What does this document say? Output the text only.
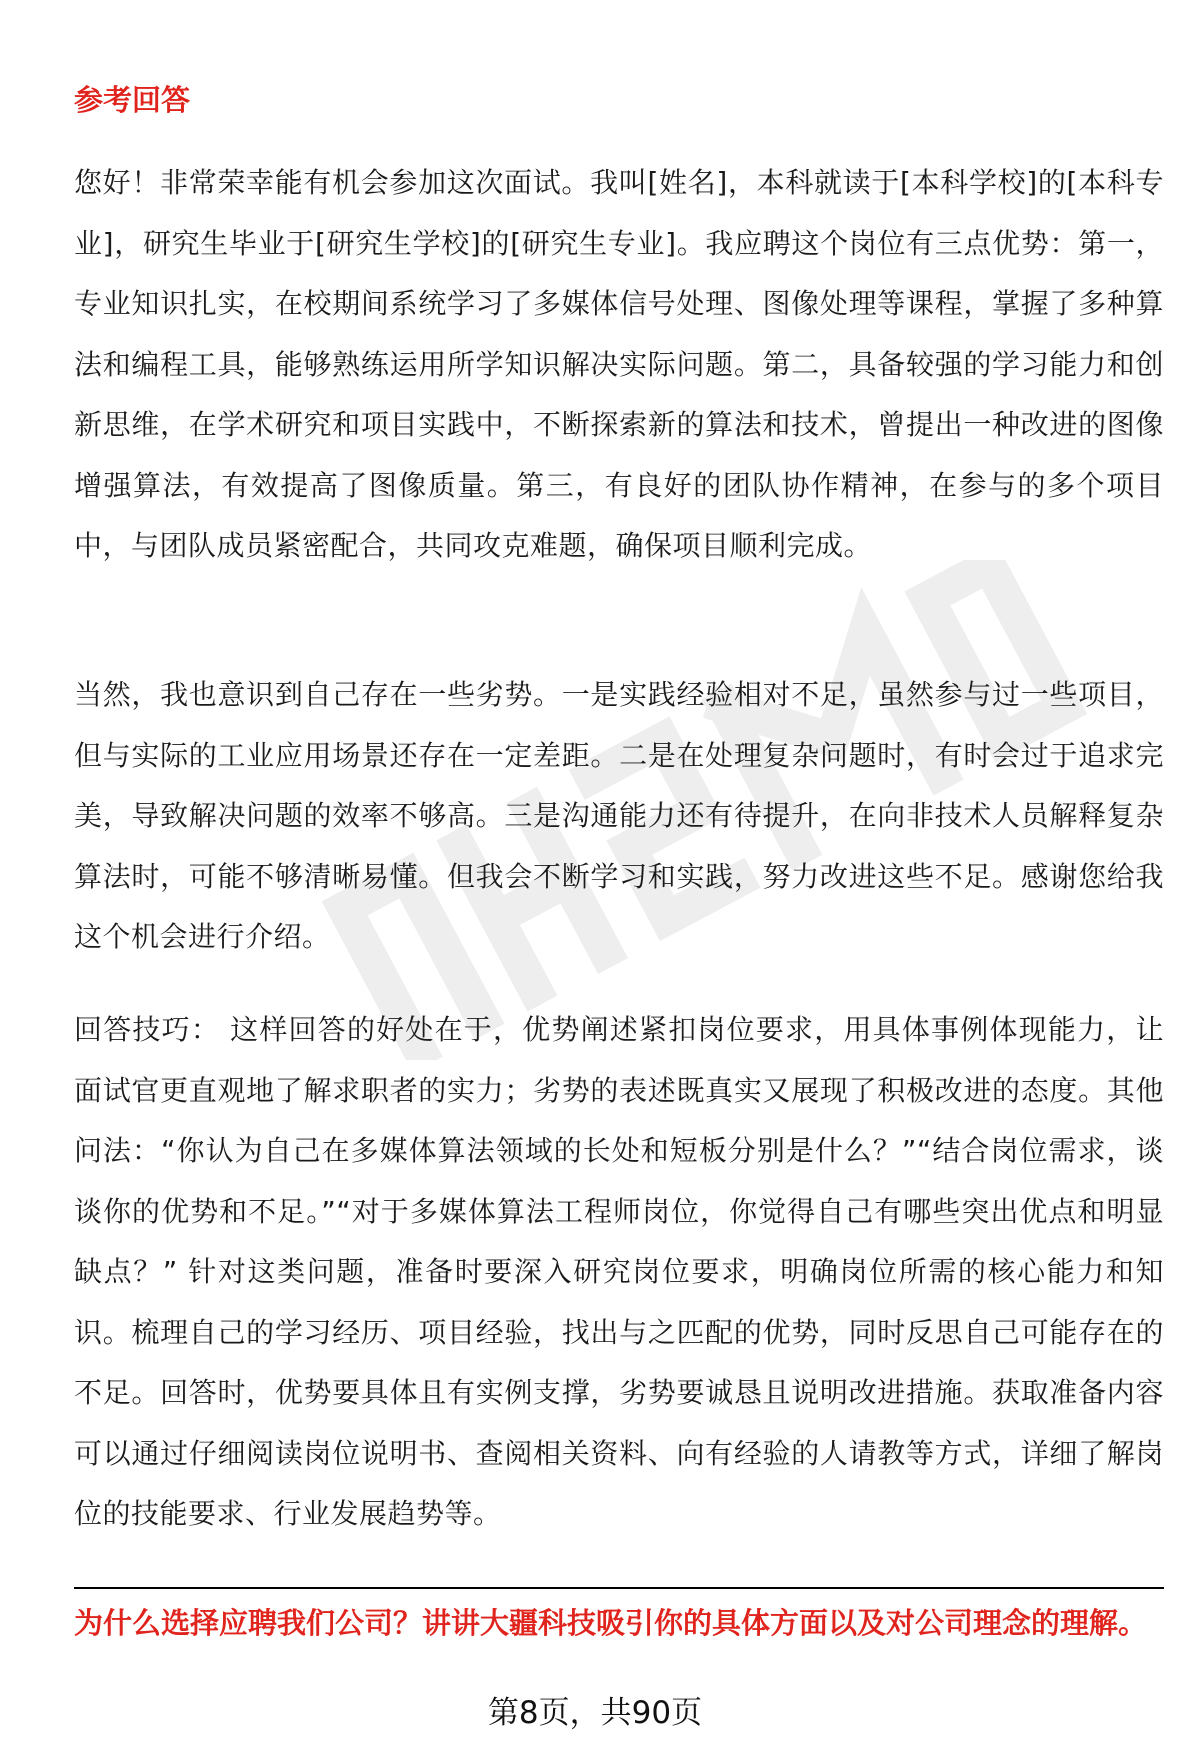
参考回答

您好！非常荣幸能有机会参加这次面试。我叫[姓名]，本科就读于[本科学校]的[本科专业]，研究生毕业于[研究生学校]的[研究生专业]。我应聘这个岗位有三点优势：第一，专业知识扎实，在校期间系统学习了多媒体信号处理、图像处理等课程，掌握了多种算法和编程工具，能够熟练运用所学知识解决实际问题。第二，具备较强的学习能力和创新思维，在学术研究和项目实践中，不断探索新的算法和技术，曾提出一种改进的图像增强算法，有效提高了图像质量。第三，有良好的团队协作精神，在参与的多个项目中，与团队成员紧密配合，共同攻克难题，确保项目顺利完成。

当然，我也意识到自己存在一些劣势。一是实践经验相对不足，虽然参与过一些项目，但与实际的工业应用场景还存在一定差距。二是在处理复杂问题时，有时会过于追求完美，导致解决问题的效率不够高。三是沟通能力还有待提升，在向非技术人员解释复杂算法时，可能不够清晰易懂。但我会不断学习和实践，努力改进这些不足。感谢您给我这个机会进行介绍。

回答技巧： 这样回答的好处在于，优势阐述紧扣岗位要求，用具体事例体现能力，让面试官更直观地了解求职者的实力；劣势的表述既真实又展现了积极改进的态度。其他问法：“你认为自己在多媒体算法领域的长处和短板分别是什么？”“结合岗位需求，谈谈你的优势和不足。”“对于多媒体算法工程师岗位，你觉得自己有哪些突出优点和明显缺点？” 针对这类问题，准备时要深入研究岗位要求，明确岗位所需的核心能力和知识。梳理自己的学习经历、项目经验，找出与之匹配的优势，同时反思自己可能存在的不足。回答时，优势要具体且有实例支撑，劣势要诚恳且说明改进措施。获取准备内容可以通过仔细阅读岗位说明书、查阅相关资料、向有经验的人请教等方式，详细了解岗位的技能要求、行业发展趋势等。

为什么选择应聘我们公司？讲讲大疆科技吸引你的具体方面以及对公司理念的理解。

第8页，共90页
